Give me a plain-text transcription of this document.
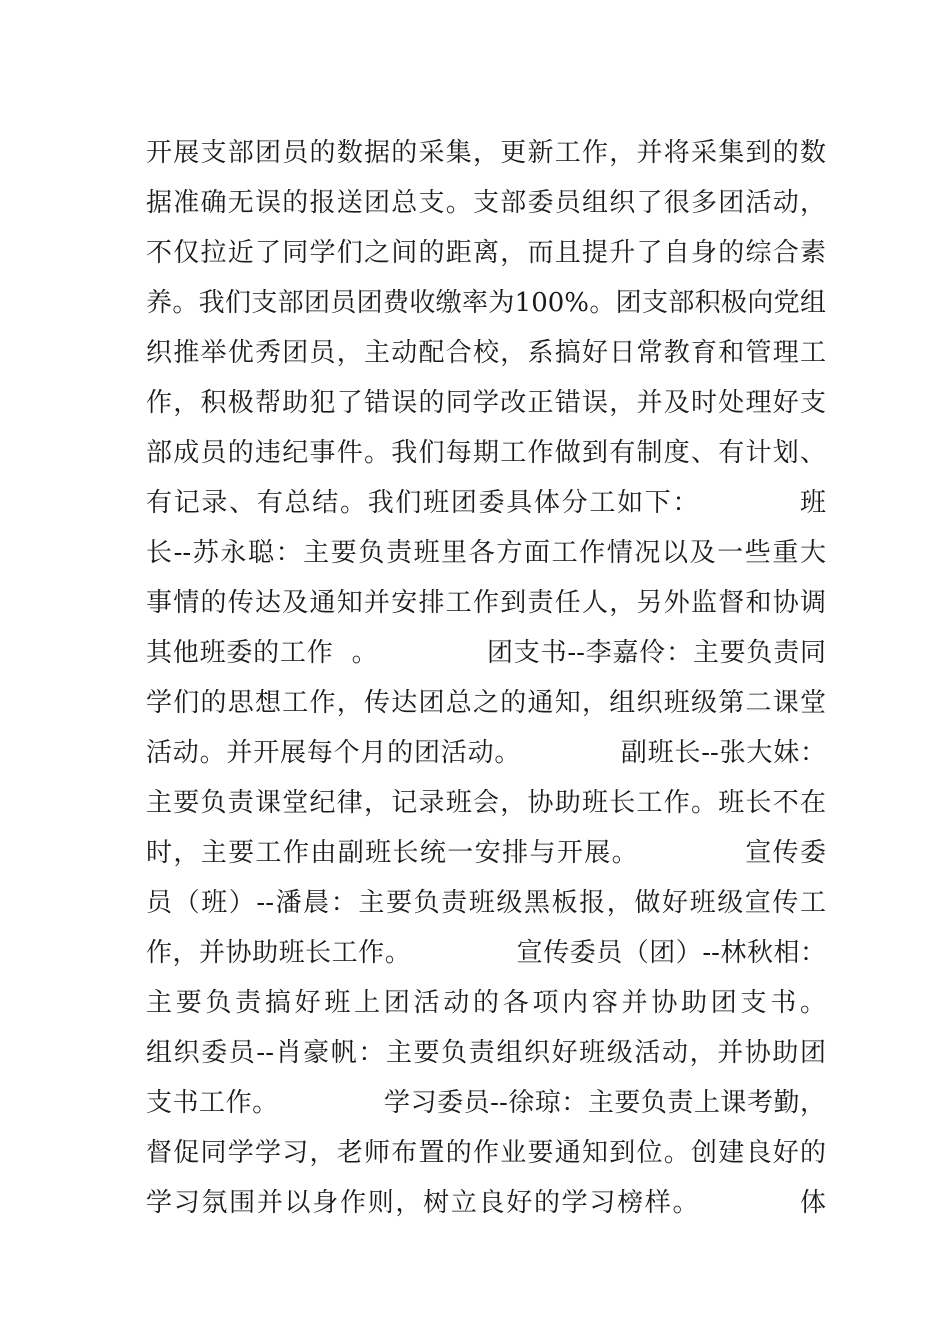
开展支部团员的数据的采集，更新工作，并将采集到的数
据准确无误的报送团总支。支部委员组织了很多团活动，
不仅拉近了同学们之间的距离，而且提升了自身的综合素
养。我们支部团员团费收缴率为100%。团支部积极向党组
织推举优秀团员，主动配合校，系搞好日常教育和管理工
作，积极帮助犯了错误的同学改正错误，并及时处理好支
部成员的违纪事件。我们每期工作做到有制度、有计划、
有记录、有总结。我们班团委具体分工如下：          班
长--苏永聪：主要负责班里各方面工作情况以及一些重大
事情的传达及通知并安排工作到责任人，另外监督和协调
其他班委的工作  。            团支书--李嘉伶：主要负责同
学们的思想工作，传达团总之的通知，组织班级第二课堂
活动。并开展每个月的团活动。           副班长--张大妹：
主要负责课堂纪律，记录班会，协助班长工作。班长不在
时，主要工作由副班长统一安排与开展。           宣传委
员（班）--潘晨：主要负责班级黑板报，做好班级宣传工
作，并协助班长工作。            宣传委员（团）--林秋相：
主要负责搞好班上团活动的各项内容并协助团支书。
组织委员--肖豪帆：主要负责组织好班级活动，并协助团
支书工作。            学习委员--徐琼：主要负责上课考勤，
督促同学学习，老师布置的作业要通知到位。创建良好的
学习氛围并以身作则，树立良好的学习榜样。          体
